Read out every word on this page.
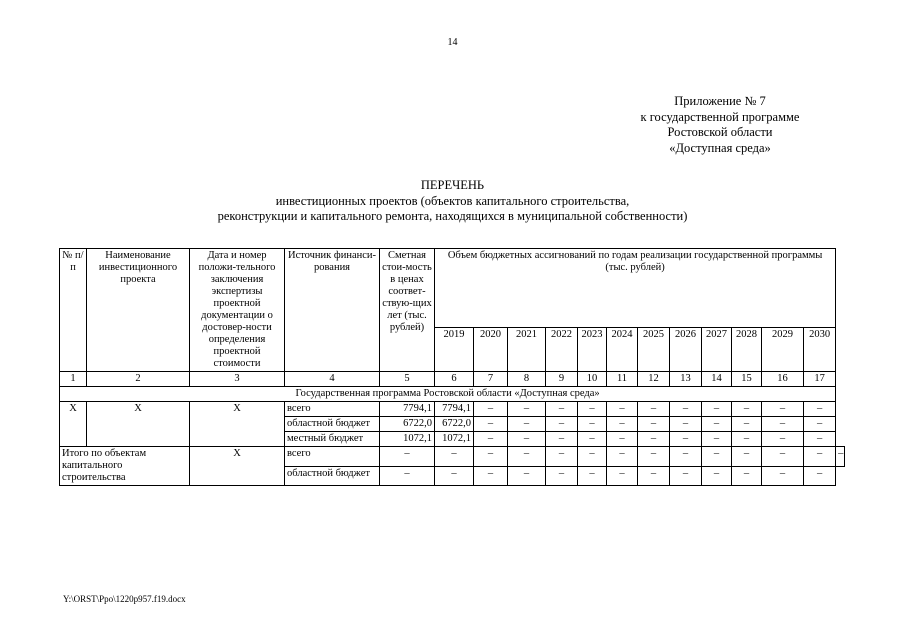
14
Приложение № 7
к государственной программе
Ростовской области
«Доступная среда»
ПЕРЕЧЕНЬ
инвестиционных проектов (объектов капитального строительства,
реконструкции и капитального ремонта, находящихся в муниципальной собственности)
№ п/п	Наименование инвестиционного проекта	Дата и номер положи-тельного заключения экспертизы проектной документации о достовер-ности определения проектной стоимости	Источник финанси-рования	Сметная стои-мость в ценах соответ-ствую-щих лет (тыс. рублей)	Объем бюджетных ассигнований по годам реализации государственной программы (тыс. рублей)												
					2019	2020	2021	2022	2023	2024	2025	2026	2027	2028	2029	2030	
1	2	3	4	5	6	7	8	9	10	11	12	13	14	15	16	17	
Государственная программа Ростовской области «Доступная среда»																	
Х	Х	Х	всего	7794,1	7794,1	–	–	–	–	–	–	–	–	–	–	–	
			областной бюджет	6722,0	6722,0	–	–	–	–	–	–	–	–	–	–	–	
			местный бюджет	1072,1	1072,1	–	–	–	–	–	–	–	–	–	–	–	
Итого по объектам капитального строительства		Х	всего	–	–	–	–	–	–	–	–	–	–	–	–	–	–
			областной бюджет	–	–	–	–	–	–	–	–	–	–	–	–	–	
Y:\ORST\Ppo\1220p957.f19.docx
